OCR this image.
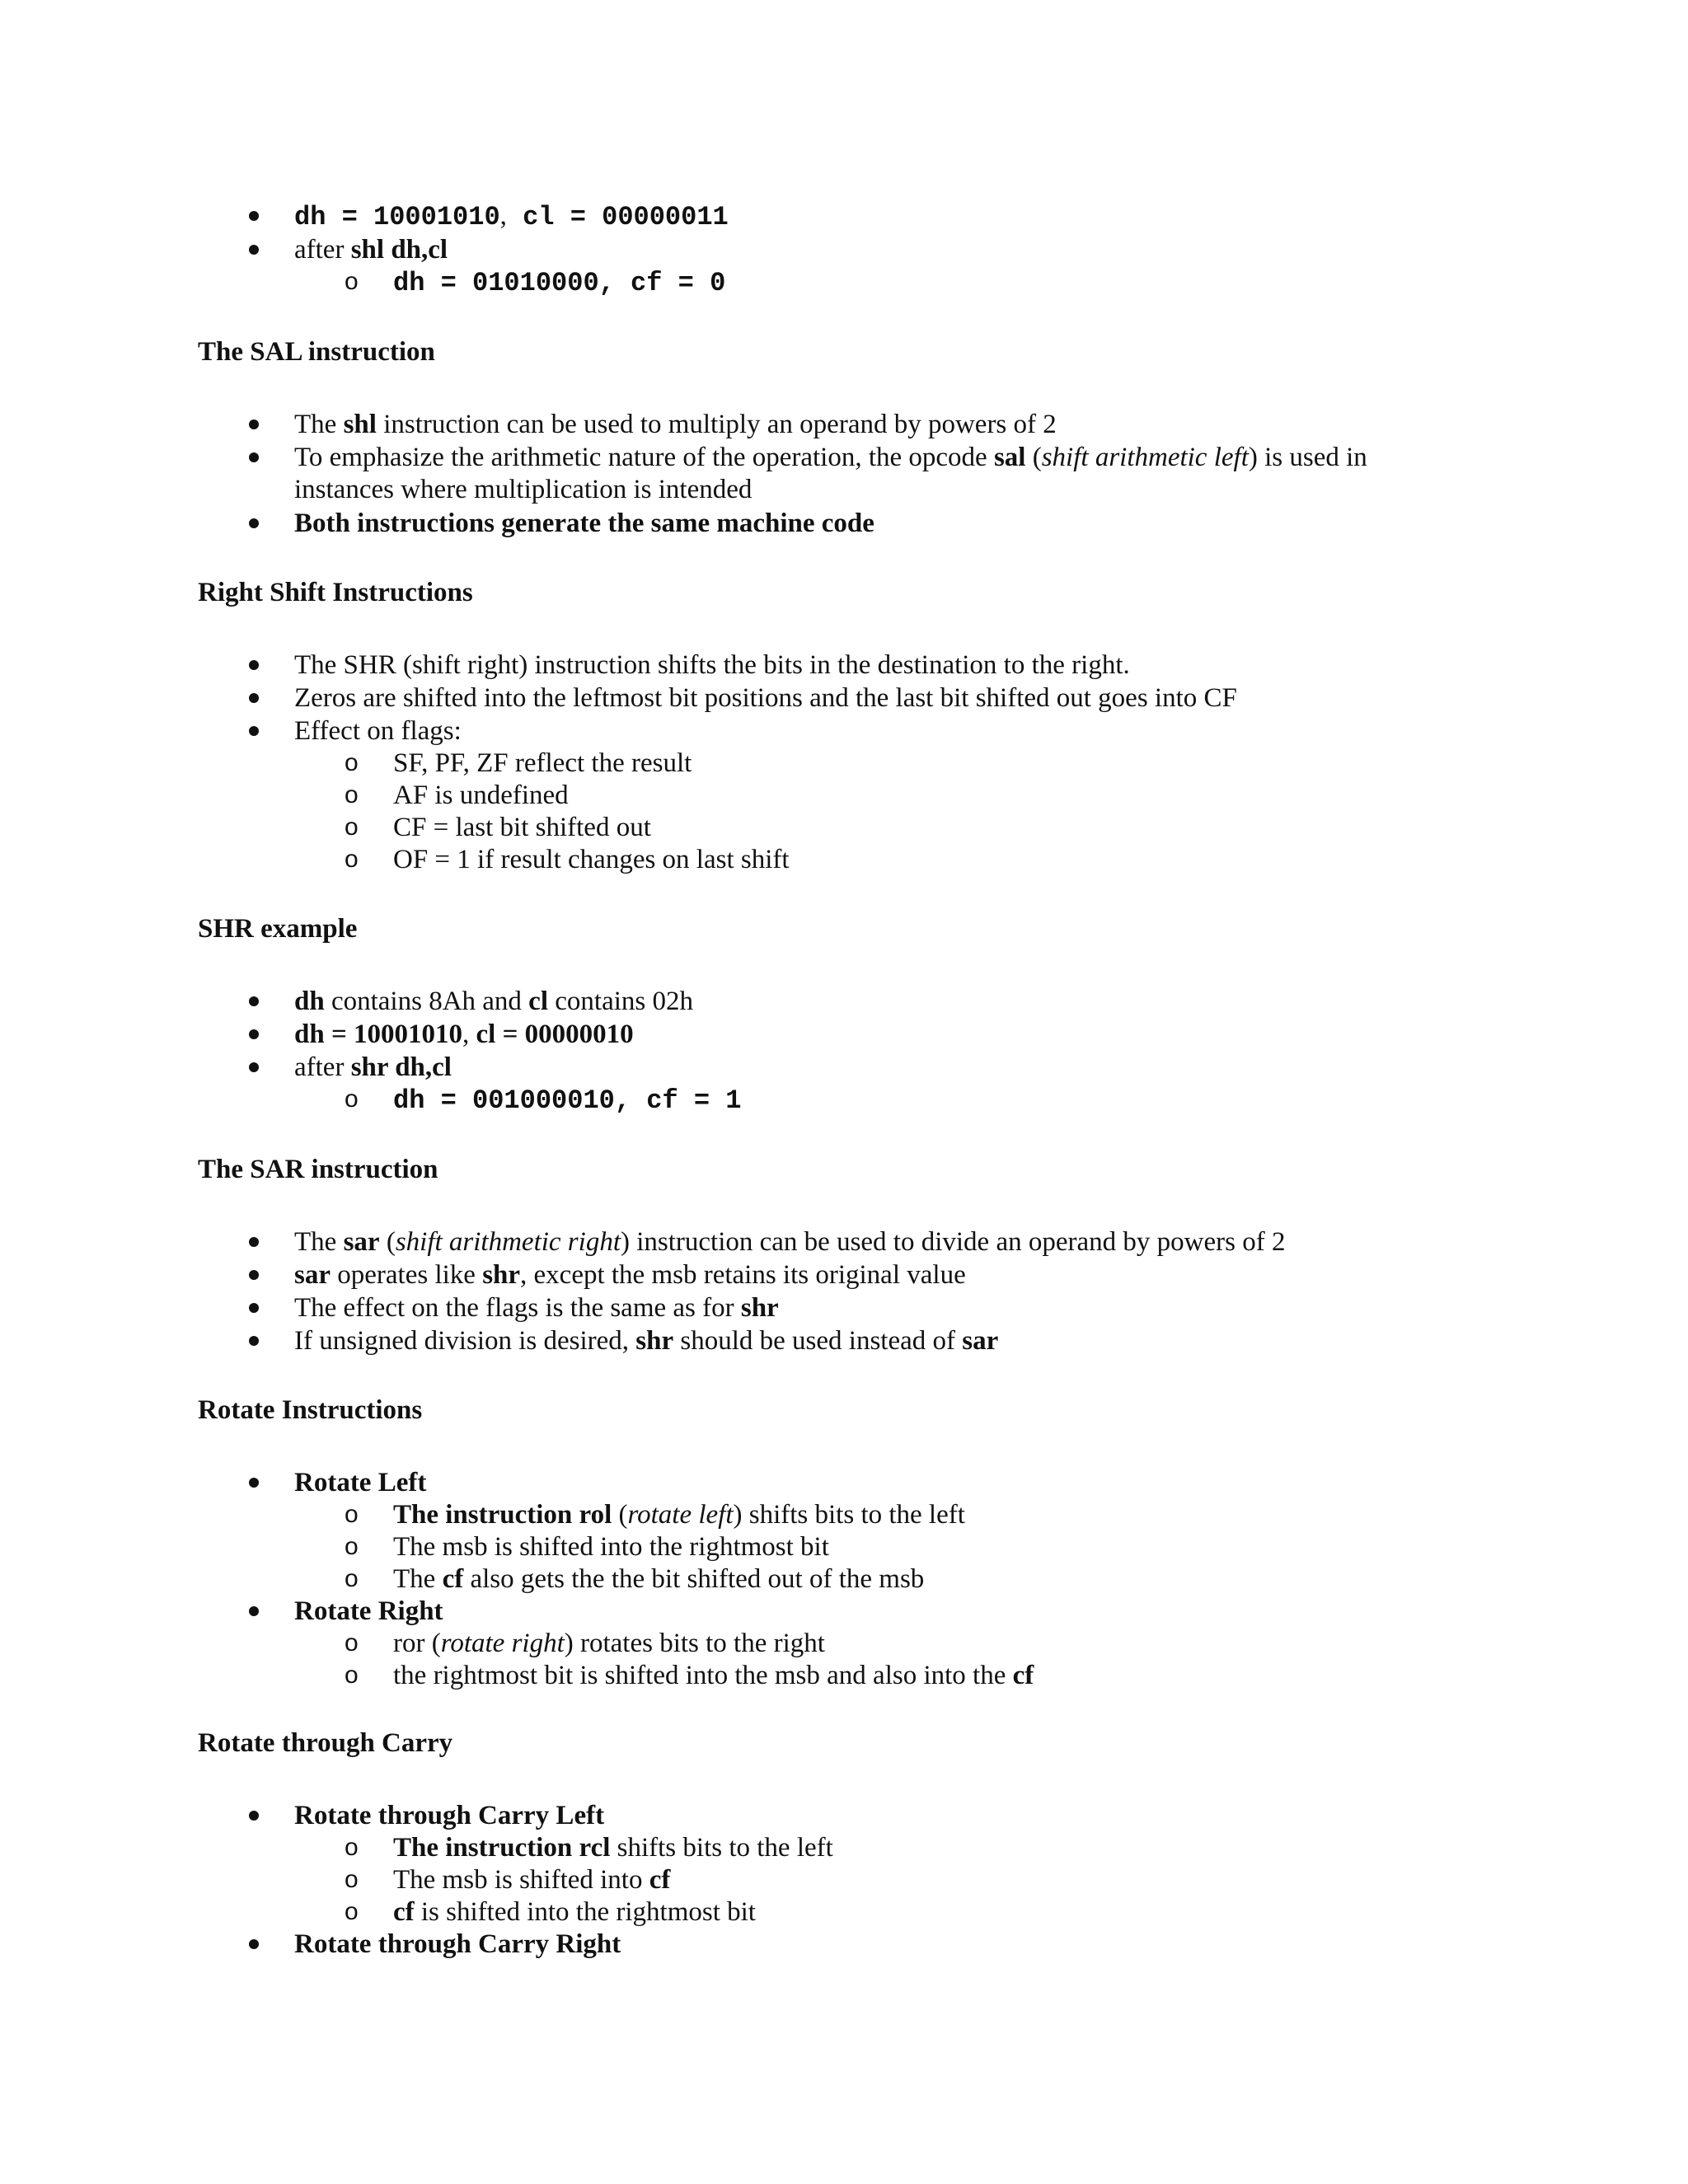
dh = 10001010, cl = 00000011
after shl dh,cl
o dh = 01010000, cf = 0
The SAL instruction
The shl instruction can be used to multiply an operand by powers of 2
To emphasize the arithmetic nature of the operation, the opcode sal (shift arithmetic left) is used in
instances where multiplication is intended
Both instructions generate the same machine code
Right Shift Instructions
The SHR (shift right) instruction shifts the bits in the destination to the right.
Zeros are shifted into the leftmost bit positions and the last bit shifted out goes into CF
Effect on flags:
o SF, PF, ZF reflect the result
o AF is undefined
o CF = last bit shifted out
o OF = 1 if result changes on last shift
SHR example
dh contains 8Ah and cl contains 02h
dh = 10001010, cl = 00000010
after shr dh,cl
o dh = 001000010, cf = 1
The SAR instruction
The sar (shift arithmetic right) instruction can be used to divide an operand by powers of 2
sar operates like shr, except the msb retains its original value
The effect on the flags is the same as for shr
If unsigned division is desired, shr should be used instead of sar
Rotate Instructions
Rotate Left
o The instruction rol (rotate left) shifts bits to the left
o The msb is shifted into the rightmost bit
o The cf also gets the the bit shifted out of the msb
Rotate Right
o ror (rotate right) rotates bits to the right
o the rightmost bit is shifted into the msb and also into the cf
Rotate through Carry
Rotate through Carry Left
o The instruction rcl shifts bits to the left
o The msb is shifted into cf
o cf is shifted into the rightmost bit
Rotate through Carry Right
